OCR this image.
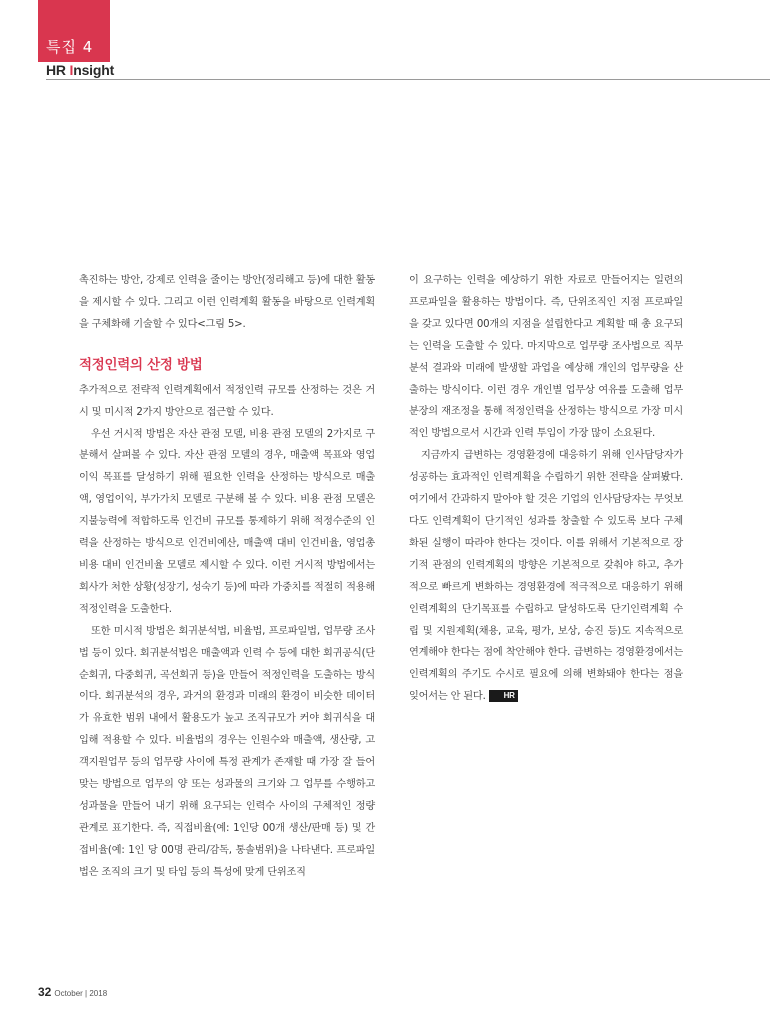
특집 4
HR Insight

촉진하는 방안, 강제로 인력을 줄이는 방안(정리해고 등)에 대한 활동을 제시할 수 있다. 그리고 이런 인력계획 활동을 바탕으로 인력계획을 구체화해 기술할 수 있다<그림 5>.

적정인력의 산정 방법

추가적으로 전략적 인력계획에서 적정인력 규모를 산정하는 것은 거시 및 미시적 2가지 방안으로 접근할 수 있다.

우선 거시적 방법은 자산 관점 모델, 비용 관점 모델의 2가지로 구분해서 살펴볼 수 있다. 자산 관점 모델의 경우, 매출액 목표와 영업이익 목표를 달성하기 위해 필요한 인력을 산정하는 방식으로 매출액, 영업이익, 부가가치 모델로 구분해 볼 수 있다. 비용 관점 모델은 지불능력에 적합하도록 인건비 규모를 통제하기 위해 적정수준의 인력을 산정하는 방식으로 인건비예산, 매출액 대비 인건비율, 영업총비용 대비 인건비율 모델로 제시할 수 있다. 이런 거시적 방법에서는 회사가 처한 상황(성장기, 성숙기 등)에 따라 가중치를 적절히 적용해 적정인력을 도출한다.

또한 미시적 방법은 회귀분석법, 비율법, 프로파일법, 업무량 조사법 등이 있다. 회귀분석법은 매출액과 인력 수 등에 대한 회귀공식(단순회귀, 다중회귀, 곡선회귀 등)을 만들어 적정인력을 도출하는 방식이다. 회귀분석의 경우, 과거의 환경과 미래의 환경이 비슷한 데이터가 유효한 범위 내에서 활용도가 높고 조직규모가 커야 회귀식을 대입해 적용할 수 있다. 비율법의 경우는 인원수와 매출액, 생산량, 고객지원업무 등의 업무량 사이에 특정 관계가 존재할 때 가장 잘 들어맞는 방법으로 업무의 양 또는 성과물의 크기와 그 업무를 수행하고 성과물을 만들어 내기 위해 요구되는 인력수 사이의 구체적인 정량 관계로 표기한다. 즉, 직접비율(예: 1인당 00개 생산/판매 등) 및 간접비율(예: 1인 당 00명 관리/감독, 통솔범위)을 나타낸다. 프로파일법은 조직의 크기 및 타입 등의 특성에 맞게 단위조직

이 요구하는 인력을 예상하기 위한 자료로 만들어지는 일련의 프로파일을 활용하는 방법이다. 즉, 단위조직인 지점 프로파일을 갖고 있다면 00개의 지점을 설립한다고 계획할 때 총 요구되는 인력을 도출할 수 있다. 마지막으로 업무량 조사법으로 직무분석 결과와 미래에 발생할 과업을 예상해 개인의 업무량을 산출하는 방식이다. 이런 경우 개인별 업무상 여유를 도출해 업무분장의 재조정을 통해 적정인력을 산정하는 방식으로 가장 미시적인 방법으로서 시간과 인력 투입이 가장 많이 소요된다.

지금까지 급변하는 경영환경에 대응하기 위해 인사담당자가 성공하는 효과적인 인력계획을 수립하기 위한 전략을 살펴봤다. 여기에서 간과하지 말아야 할 것은 기업의 인사담당자는 무엇보다도 인력계획이 단기적인 성과를 창출할 수 있도록 보다 구체화된 실행이 따라야 한다는 것이다. 이를 위해서 기본적으로 장기적 관점의 인력계획의 방향은 기본적으로 갖춰야 하고, 추가적으로 빠르게 변화하는 경영환경에 적극적으로 대응하기 위해 인력계획의 단기목표를 수립하고 달성하도록 단기인력계획 수립 및 지원제획(채용, 교육, 평가, 보상, 승진 등)도 지속적으로 연계해야 한다는 점에 착안해야 한다. 급변하는 경영환경에서는 인력계획의 주기도 수시로 필요에 의해 변화돼야 한다는 점을 잊어서는 안 된다. HR

32 October | 2018
